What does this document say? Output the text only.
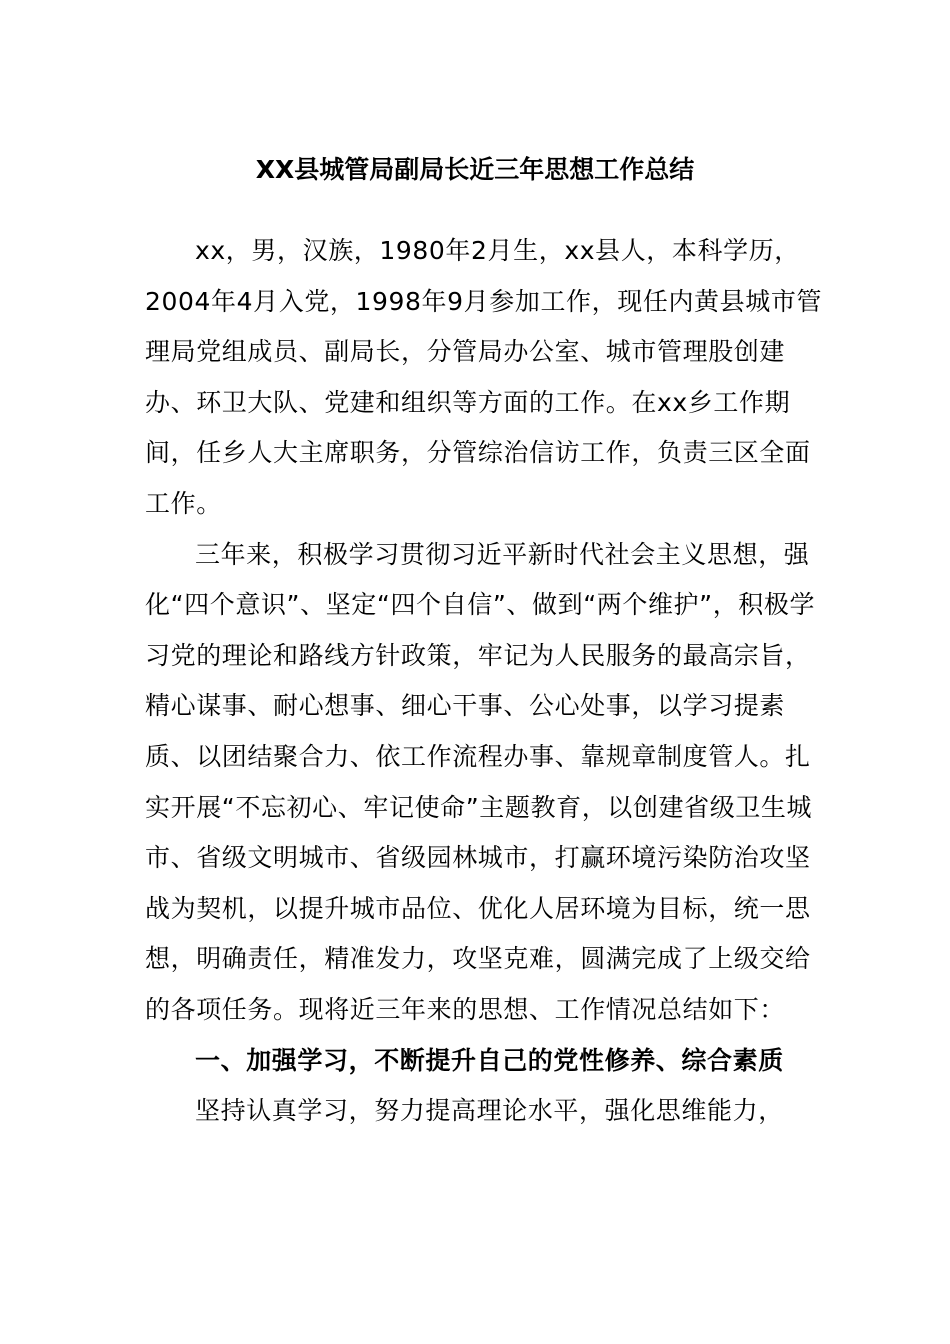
XX县城管局副局长近三年思想工作总结

xx，男，汉族，1980年2月生，xx县人，本科学历，2004年4月入党，1998年9月参加工作，现任内黄县城市管理局党组成员、副局长，分管局办公室、城市管理股创建办、环卫大队、党建和组织等方面的工作。在xx乡工作期间，任乡人大主席职务，分管综治信访工作，负责三区全面工作。

三年来，积极学习贯彻习近平新时代社会主义思想，强化“四个意识”、坚定“四个自信”、做到“两个维护”，积极学习党的理论和路线方针政策，牢记为人民服务的最高宗旨，精心谋事、耐心想事、细心干事、公心处事，以学习提素质、以团结聚合力、依工作流程办事、靠规章制度管人。扎实开展“不忘初心、牢记使命”主题教育，以创建省级卫生城市、省级文明城市、省级园林城市，打赢环境污染防治攻坚战为契机，以提升城市品位、优化人居环境为目标，统一思想，明确责任，精准发力，攻坚克难，圆满完成了上级交给的各项任务。现将近三年来的思想、工作情况总结如下：

一、加强学习，不断提升自己的党性修养、综合素质

坚持认真学习，努力提高理论水平，强化思维能力，
